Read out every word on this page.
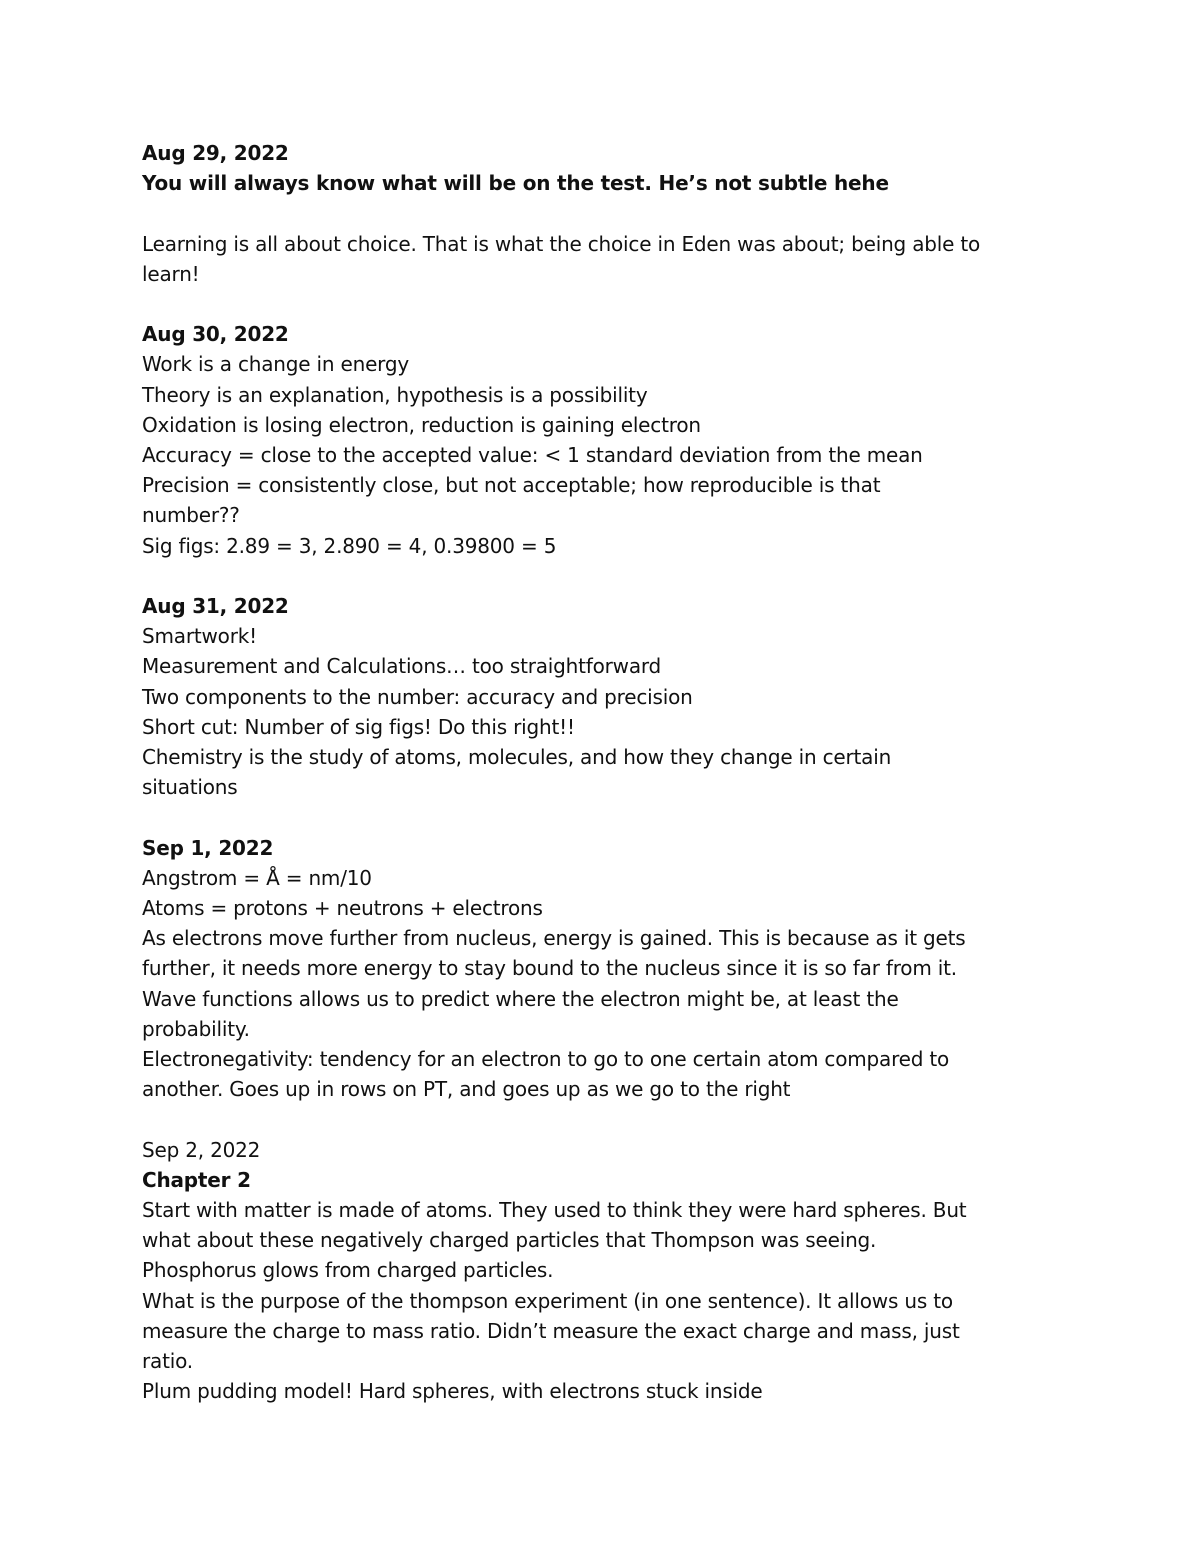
Aug 29, 2022
You will always know what will be on the test. He’s not subtle hehe
Learning is all about choice. That is what the choice in Eden was about; being able to
learn!
Aug 30, 2022
Work is a change in energy
Theory is an explanation, hypothesis is a possibility
Oxidation is losing electron, reduction is gaining electron
Accuracy = close to the accepted value: < 1 standard deviation from the mean
Precision = consistently close, but not acceptable; how reproducible is that
number??
Sig figs: 2.89 = 3, 2.890 = 4, 0.39800 = 5
Aug 31, 2022
Smartwork!
Measurement and Calculations… too straightforward
Two components to the number: accuracy and precision
Short cut: Number of sig figs! Do this right!!
Chemistry is the study of atoms, molecules, and how they change in certain
situations
Sep 1, 2022
Angstrom = Å = nm/10
Atoms = protons + neutrons + electrons
As electrons move further from nucleus, energy is gained. This is because as it gets
further, it needs more energy to stay bound to the nucleus since it is so far from it.
Wave functions allows us to predict where the electron might be, at least the
probability.
Electronegativity: tendency for an electron to go to one certain atom compared to
another. Goes up in rows on PT, and goes up as we go to the right
Sep 2, 2022
Chapter 2
Start with matter is made of atoms. They used to think they were hard spheres. But
what about these negatively charged particles that Thompson was seeing.
Phosphorus glows from charged particles.
What is the purpose of the thompson experiment (in one sentence). It allows us to
measure the charge to mass ratio. Didn’t measure the exact charge and mass, just
ratio.
Plum pudding model! Hard spheres, with electrons stuck inside
